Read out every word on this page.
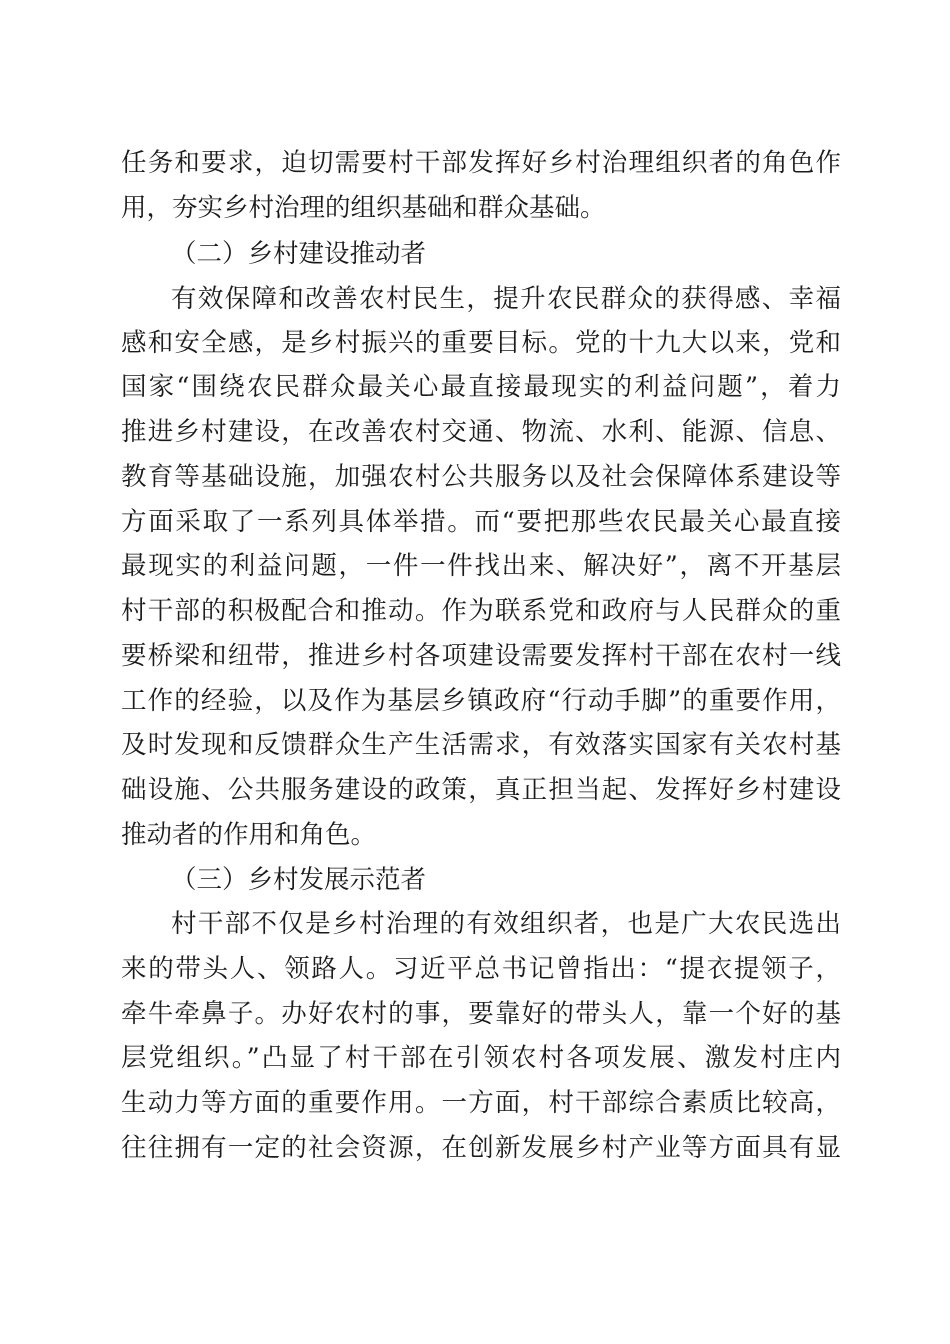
任务和要求，迫切需要村干部发挥好乡村治理组织者的角色作
用，夯实乡村治理的组织基础和群众基础。
（二）乡村建设推动者
有效保障和改善农村民生，提升农民群众的获得感、幸福
感和安全感，是乡村振兴的重要目标。党的十九大以来，党和
国家“围绕农民群众最关心最直接最现实的利益问题”，着力
推进乡村建设，在改善农村交通、物流、水利、能源、信息、
教育等基础设施，加强农村公共服务以及社会保障体系建设等
方面采取了一系列具体举措。而“要把那些农民最关心最直接
最现实的利益问题，一件一件找出来、解决好”，离不开基层
村干部的积极配合和推动。作为联系党和政府与人民群众的重
要桥梁和纽带，推进乡村各项建设需要发挥村干部在农村一线
工作的经验，以及作为基层乡镇政府“行动手脚”的重要作用，
及时发现和反馈群众生产生活需求，有效落实国家有关农村基
础设施、公共服务建设的政策，真正担当起、发挥好乡村建设
推动者的作用和角色。
（三）乡村发展示范者
村干部不仅是乡村治理的有效组织者，也是广大农民选出
来的带头人、领路人。习近平总书记曾指出：“提衣提领子，
牵牛牵鼻子。办好农村的事，要靠好的带头人，靠一个好的基
层党组织。”凸显了村干部在引领农村各项发展、激发村庄内
生动力等方面的重要作用。一方面，村干部综合素质比较高，
往往拥有一定的社会资源，在创新发展乡村产业等方面具有显
